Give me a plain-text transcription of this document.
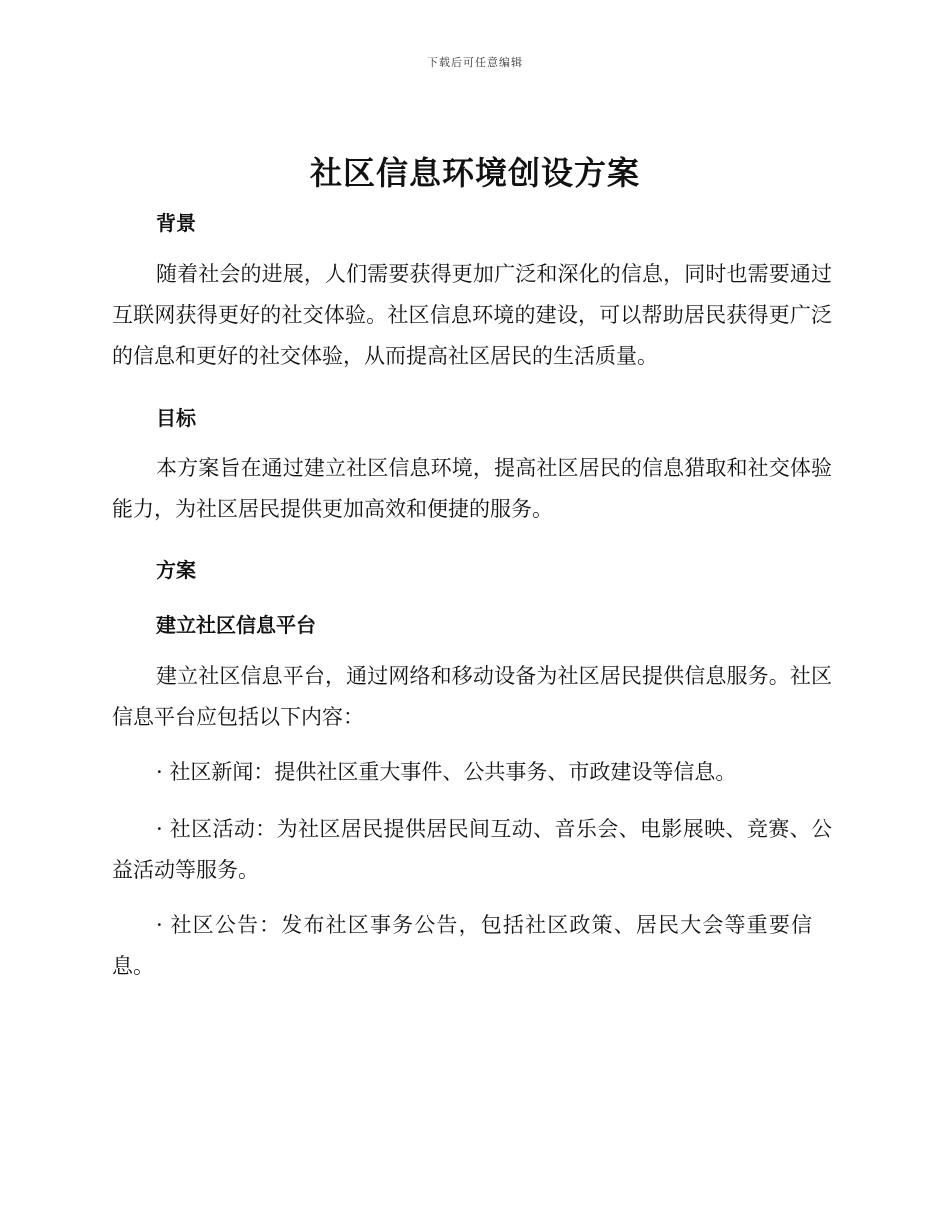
下载后可任意编辑
社区信息环境创设方案
背景

随着社会的进展，人们需要获得更加广泛和深化的信息，同时也需要通过互联网获得更好的社交体验。社区信息环境的建设，可以帮助居民获得更广泛的信息和更好的社交体验，从而提高社区居民的生活质量。

目标

本方案旨在通过建立社区信息环境，提高社区居民的信息猎取和社交体验能力，为社区居民提供更加高效和便捷的服务。

方案
建立社区信息平台

建立社区信息平台，通过网络和移动设备为社区居民提供信息服务。社区信息平台应包括以下内容：

· 社区新闻：提供社区重大事件、公共事务、市政建设等信息。

· 社区活动：为社区居民提供居民间互动、音乐会、电影展映、竞赛、公益活动等服务。

· 社区公告：发布社区事务公告，包括社区政策、居民大会等重要信息。
